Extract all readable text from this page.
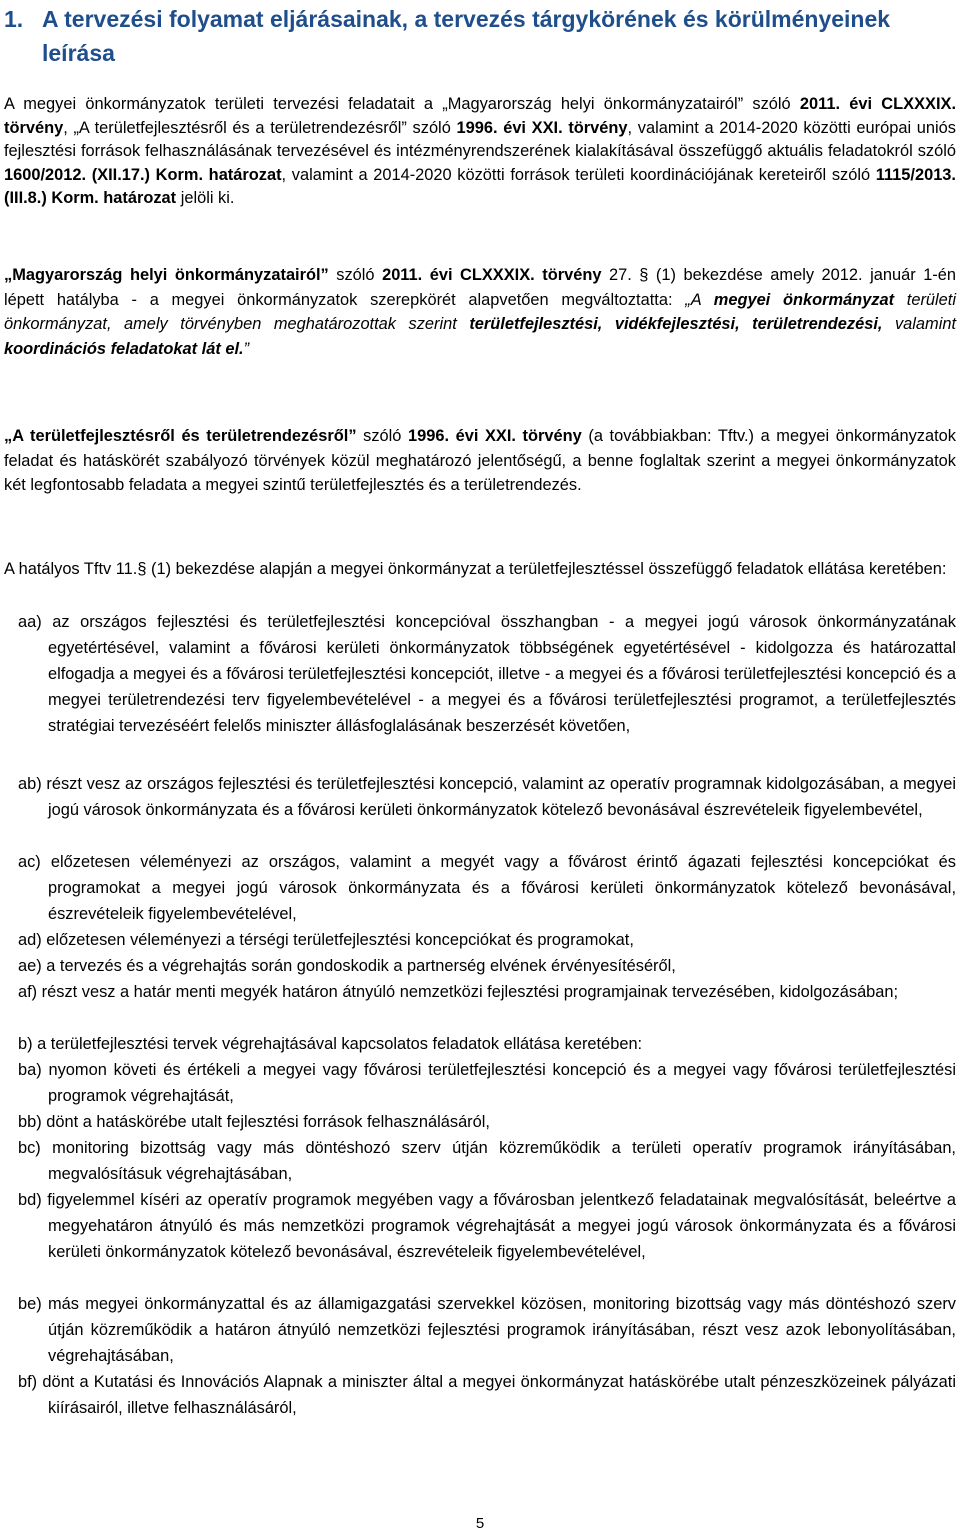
1. A tervezési folyamat eljárásainak, a tervezés tárgykörének és körülményeinek
leírása
A megyei önkormányzatok területi tervezési feladatait a „Magyarország helyi önkormányzatairól” szóló 2011. évi CLXXXIX. törvény, „A területfejlesztésről és a területrendezésről” szóló 1996. évi XXI. törvény, valamint a 2014-2020 közötti európai uniós fejlesztési források felhasználásának tervezésével és intézményrendszerének kialakításával összefüggő aktuális feladatokról szóló 1600/2012. (XII.17.) Korm. határozat, valamint a 2014-2020 közötti források területi koordinációjának kereteiről szóló 1115/2013. (III.8.) Korm. határozat jelöli ki.
„Magyarország helyi önkormányzatairól” szóló 2011. évi CLXXXIX. törvény 27. § (1) bekezdése amely 2012. január 1-én lépett hatályba - a megyei önkormányzatok szerepkörét alapvetően megváltoztatta: „A megyei önkormányzat területi önkormányzat, amely törvényben meghatározottak szerint területfejlesztési, vidékfejlesztési, területrendezési, valamint koordinációs feladatokat lát el.”
„A területfejlesztésről és területrendezésről” szóló 1996. évi XXI. törvény (a továbbiakban: Tftv.) a megyei önkormányzatok feladat és hatáskörét szabályozó törvények közül meghatározó jelentőségű, a benne foglaltak szerint a megyei önkormányzatok két legfontosabb feladata a megyei szintű területfejlesztés és a területrendezés.
A hatályos Tftv 11.§ (1) bekezdése alapján a megyei önkormányzat a területfejlesztéssel összefüggő feladatok ellátása keretében:
aa) az országos fejlesztési és területfejlesztési koncepcióval összhangban - a megyei jogú városok önkormányzatának egyetértésével, valamint a fővárosi kerületi önkormányzatok többségének egyetértésével - kidolgozza és határozattal elfogadja a megyei és a fővárosi területfejlesztési koncepciót, illetve - a megyei és a fővárosi területfejlesztési koncepció és a megyei területrendezési terv figyelembevételével - a megyei és a fővárosi területfejlesztési programot, a területfejlesztés stratégiai tervezéséért felelős miniszter állásfoglalásának beszerzését követően,
ab) részt vesz az országos fejlesztési és területfejlesztési koncepció, valamint az operatív programnak kidolgozásában, a megyei jogú városok önkormányzata és a fővárosi kerületi önkormányzatok kötelező bevonásával észrevételeik figyelembevétel,
ac) előzetesen véleményezi az országos, valamint a megyét vagy a fővárost érintő ágazati fejlesztési koncepciókat és programokat a megyei jogú városok önkormányzata és a fővárosi kerületi önkormányzatok kötelező bevonásával, észrevételeik figyelembevételével,
ad) előzetesen véleményezi a térségi területfejlesztési koncepciókat és programokat,
ae) a tervezés és a végrehajtás során gondoskodik a partnerség elvének érvényesítéséről,
af) részt vesz a határ menti megyék határon átnyúló nemzetközi fejlesztési programjainak tervezésében, kidolgozásában;
b) a területfejlesztési tervek végrehajtásával kapcsolatos feladatok ellátása keretében:
ba) nyomon követi és értékeli a megyei vagy fővárosi területfejlesztési koncepció és a megyei vagy fővárosi területfejlesztési programok végrehajtását,
bb) dönt a hatáskörébe utalt fejlesztési források felhasználásáról,
bc) monitoring bizottság vagy más döntéshozó szerv útján közreműködik a területi operatív programok irányításában, megvalósításuk végrehajtásában,
bd) figyelemmel kíséri az operatív programok megyében vagy a fővárosban jelentkező feladatainak megvalósítását, beleértve a megyehatáron átnyúló és más nemzetközi programok végrehajtását a megyei jogú városok önkormányzata és a fővárosi kerületi önkormányzatok kötelező bevonásával, észrevételeik figyelembevételével,
be) más megyei önkormányzattal és az államigazgatási szervekkel közösen, monitoring bizottság vagy más döntéshozó szerv útján közreműködik a határon átnyúló nemzetközi fejlesztési programok irányításában, részt vesz azok lebonyolításában, végrehajtásában,
bf) dönt a Kutatási és Innovációs Alapnak a miniszter által a megyei önkormányzat hatáskörébe utalt pénzeszközeinek pályázati kiírásairól, illetve felhasználásáról,
5
